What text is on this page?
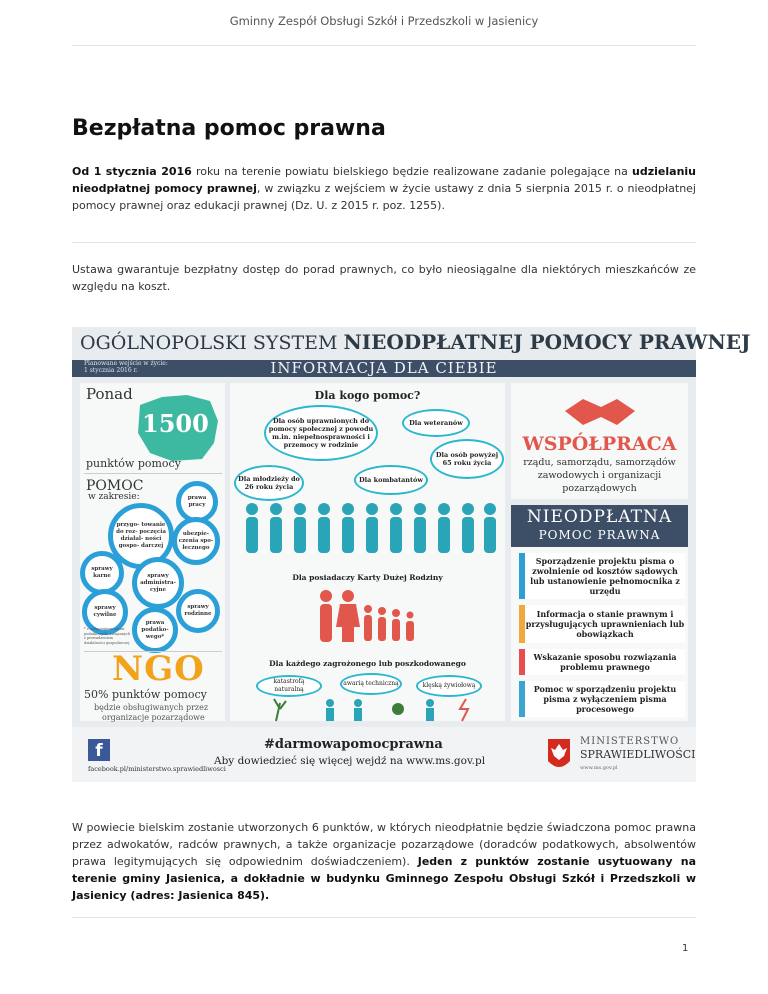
Gminny Zespół Obsługi Szkół i Przedszkoli w Jasienicy
Bezpłatna pomoc prawna

Od 1 stycznia 2016 roku na terenie powiatu bielskiego będzie realizowane zadanie polegające na udzielaniu nieodpłatnej pomocy prawnej, w związku z wejściem w życie ustawy z dnia 5 sierpnia 2015 r. o nieodpłatnej pomocy prawnej oraz edukacji prawnej (Dz. U. z 2015 r. poz. 1255).

Ustawa gwarantuje bezpłatny dostęp do porad prawnych, co było nieosiągalne dla niektórych mieszkańców ze względu na koszt.

OGÓLNOPOLSKI SYSTEM NIEODPŁATNEJ POMOCY PRAWNEJ
Planowane wejście w życie:
1 stycznia 2016 r.	INFORMACJA DLA CIEBIE
Ponad
1500
punktów pomocy
POMOC
w zakresie:	prawa pracy
przygo- towanie do roz- poczęcia działal- ności gospo- darczej
ubezpie- czenia spo- łecznego
sprawy karne	sprawy administra- cyjne
sprawy cywilne
sprawy rodzinne
prawa podatko- wego*
* z wyłączeniem spraw podatkowych, związanych z prowadzeniem działalności gospodarczej
NGO
50% punktów pomocy
będzie obsługiwanych przez
organizacje pozarządowe
Dla kogo pomoc?
Dla osób uprawnionych do pomocy społecznej z powodu m.in. niepełnosprawności i przemocy w rodzinie
Dla weteranów
Dla osób powyżej 65 roku życia
Dla młodzieży do 26 roku życia
Dla kombatantów
Dla posiadaczy Karty Dużej Rodziny
Dla każdego zagrożonego lub poszkodowanego
katastrofą naturalną
awarią techniczną	klęską żywiołową
WSPÓŁPRACA
rządu, samorządu, samorządów
zawodowych i organizacji
pozarządowych
NIEODPŁATNA
POMOC PRAWNA
Sporządzenie projektu pisma o zwolnienie od kosztów sądowych lub ustanowienie pełnomocnika z urzędu
Informacja o stanie prawnym i przysługujących uprawnieniach lub obowiązkach
Wskazanie sposobu rozwiązania problemu prawnego
Pomoc w sporządzeniu projektu pisma z wyłączeniem pisma procesowego
f
facebook.pl/ministerstwo.sprawiedliwosci
#darmowapomocprawna
Aby dowiedzieć się więcej wejdź na www.ms.gov.pl
MINISTERSTWO
SPRAWIEDLIWOŚCI
www.ms.gov.pl

W powiecie bielskim zostanie utworzonych 6 punktów, w których nieodpłatnie będzie świadczona pomoc prawna przez adwokatów, radców prawnych, a także organizacje pozarządowe (doradców podatkowych, absolwentów prawa legitymujących się odpowiednim doświadczeniem). Jeden z punktów zostanie usytuowany na terenie gminy Jasienica, a dokładnie w budynku Gminnego Zespołu Obsługi Szkół i Przedszkoli w Jasienicy (adres: Jasienica 845).

1
